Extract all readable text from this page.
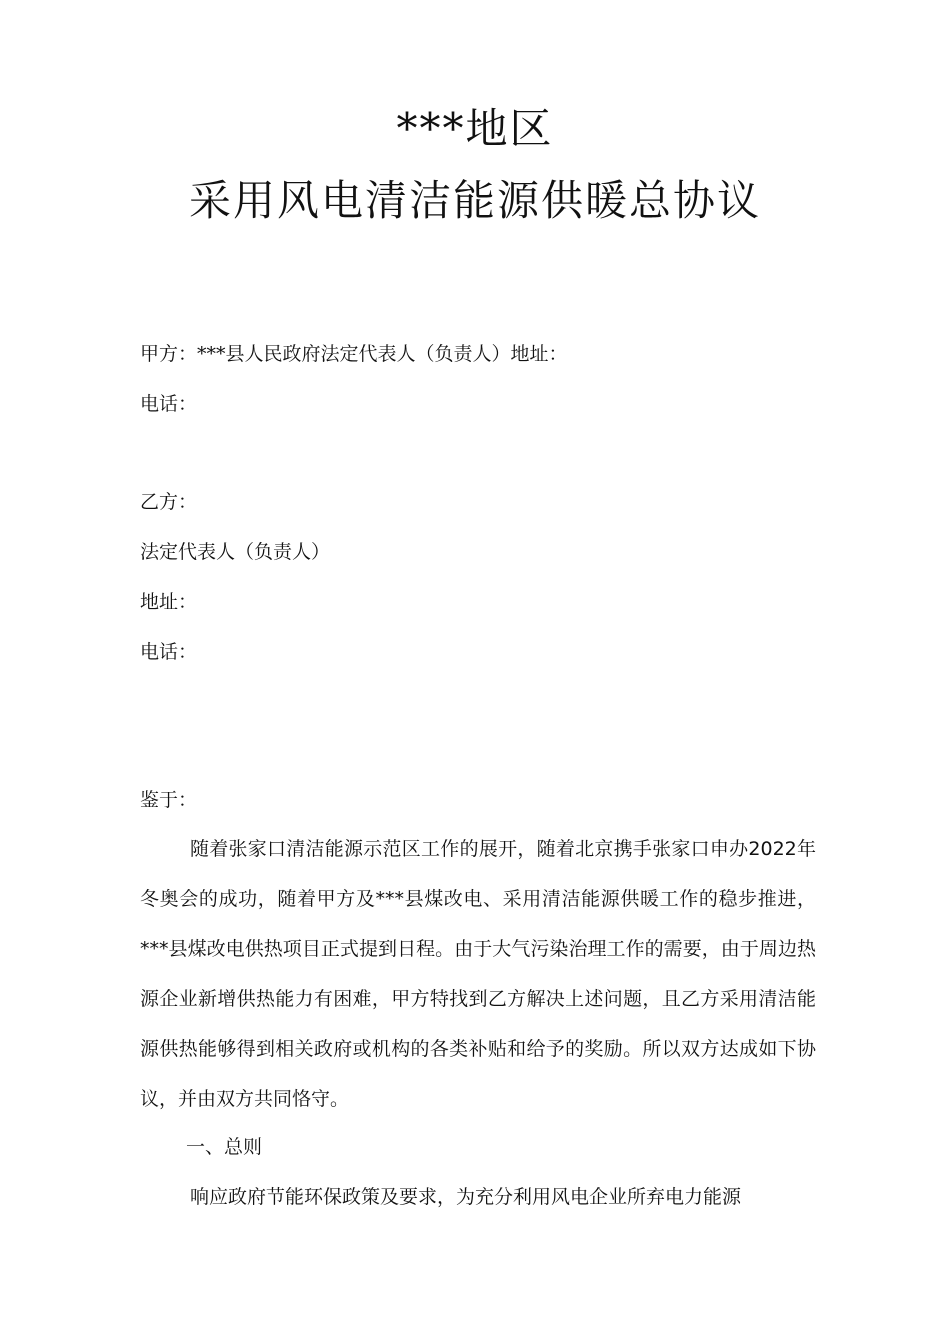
***地区
采用风电清洁能源供暖总协议
甲方：***县人民政府法定代表人（负责人）地址：
电话：
乙方：
法定代表人（负责人）
地址：
电话：
鉴于：
随着张家口清洁能源示范区工作的展开，随着北京携手张家口申办2022年冬奥会的成功，随着甲方及***县煤改电、采用清洁能源供暖工作的稳步推进，***县煤改电供热项目正式提到日程。由于大气污染治理工作的需要，由于周边热源企业新增供热能力有困难，甲方特找到乙方解决上述问题，且乙方采用清洁能源供热能够得到相关政府或机构的各类补贴和给予的奖励。所以双方达成如下协议，并由双方共同恪守。
一、总则
响应政府节能环保政策及要求，为充分利用风电企业所弃电力能源
